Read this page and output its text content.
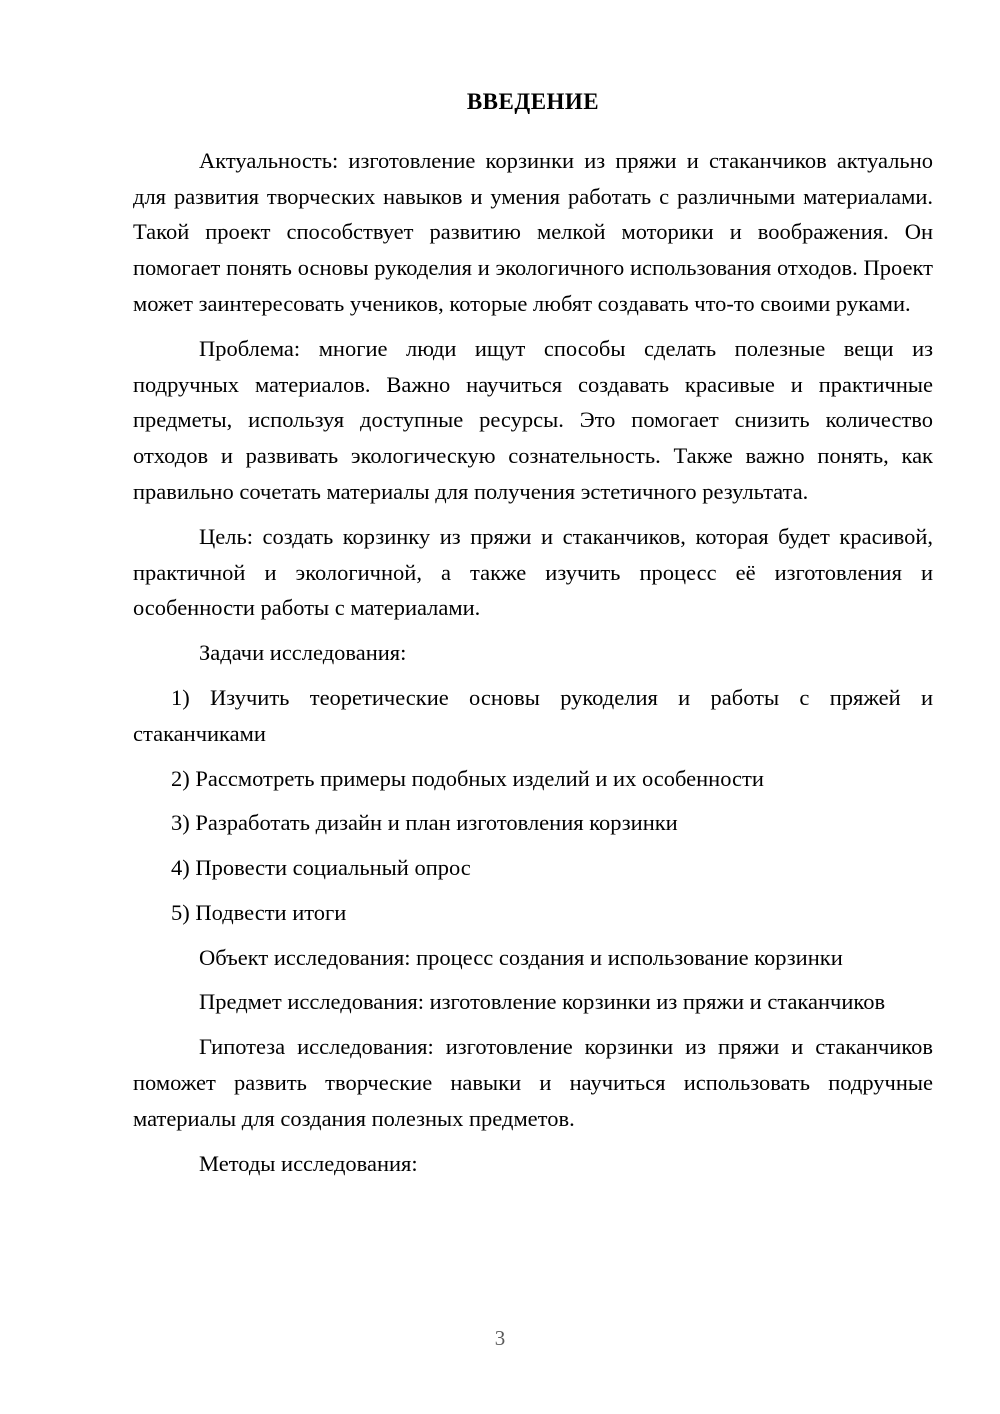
ВВЕДЕНИЕ

Актуальность: изготовление корзинки из пряжи и стаканчиков актуально для развития творческих навыков и умения работать с различными материалами. Такой проект способствует развитию мелкой моторики и воображения. Он помогает понять основы рукоделия и экологичного использования отходов. Проект может заинтересовать учеников, которые любят создавать что-то своими руками.

Проблема: многие люди ищут способы сделать полезные вещи из подручных материалов. Важно научиться создавать красивые и практичные предметы, используя доступные ресурсы. Это помогает снизить количество отходов и развивать экологическую сознательность. Также важно понять, как правильно сочетать материалы для получения эстетичного результата.

Цель: создать корзинку из пряжи и стаканчиков, которая будет красивой, практичной и экологичной, а также изучить процесс её изготовления и особенности работы с материалами.

Задачи исследования:

1) Изучить теоретические основы рукоделия и работы с пряжей и стаканчиками

2) Рассмотреть примеры подобных изделий и их особенности

3) Разработать дизайн и план изготовления корзинки

4) Провести социальный опрос

5) Подвести итоги

Объект исследования: процесс создания и использование корзинки

Предмет исследования: изготовление корзинки из пряжи и стаканчиков

Гипотеза исследования: изготовление корзинки из пряжи и стаканчиков поможет развить творческие навыки и научиться использовать подручные материалы для создания полезных предметов.

Методы исследования:

3
